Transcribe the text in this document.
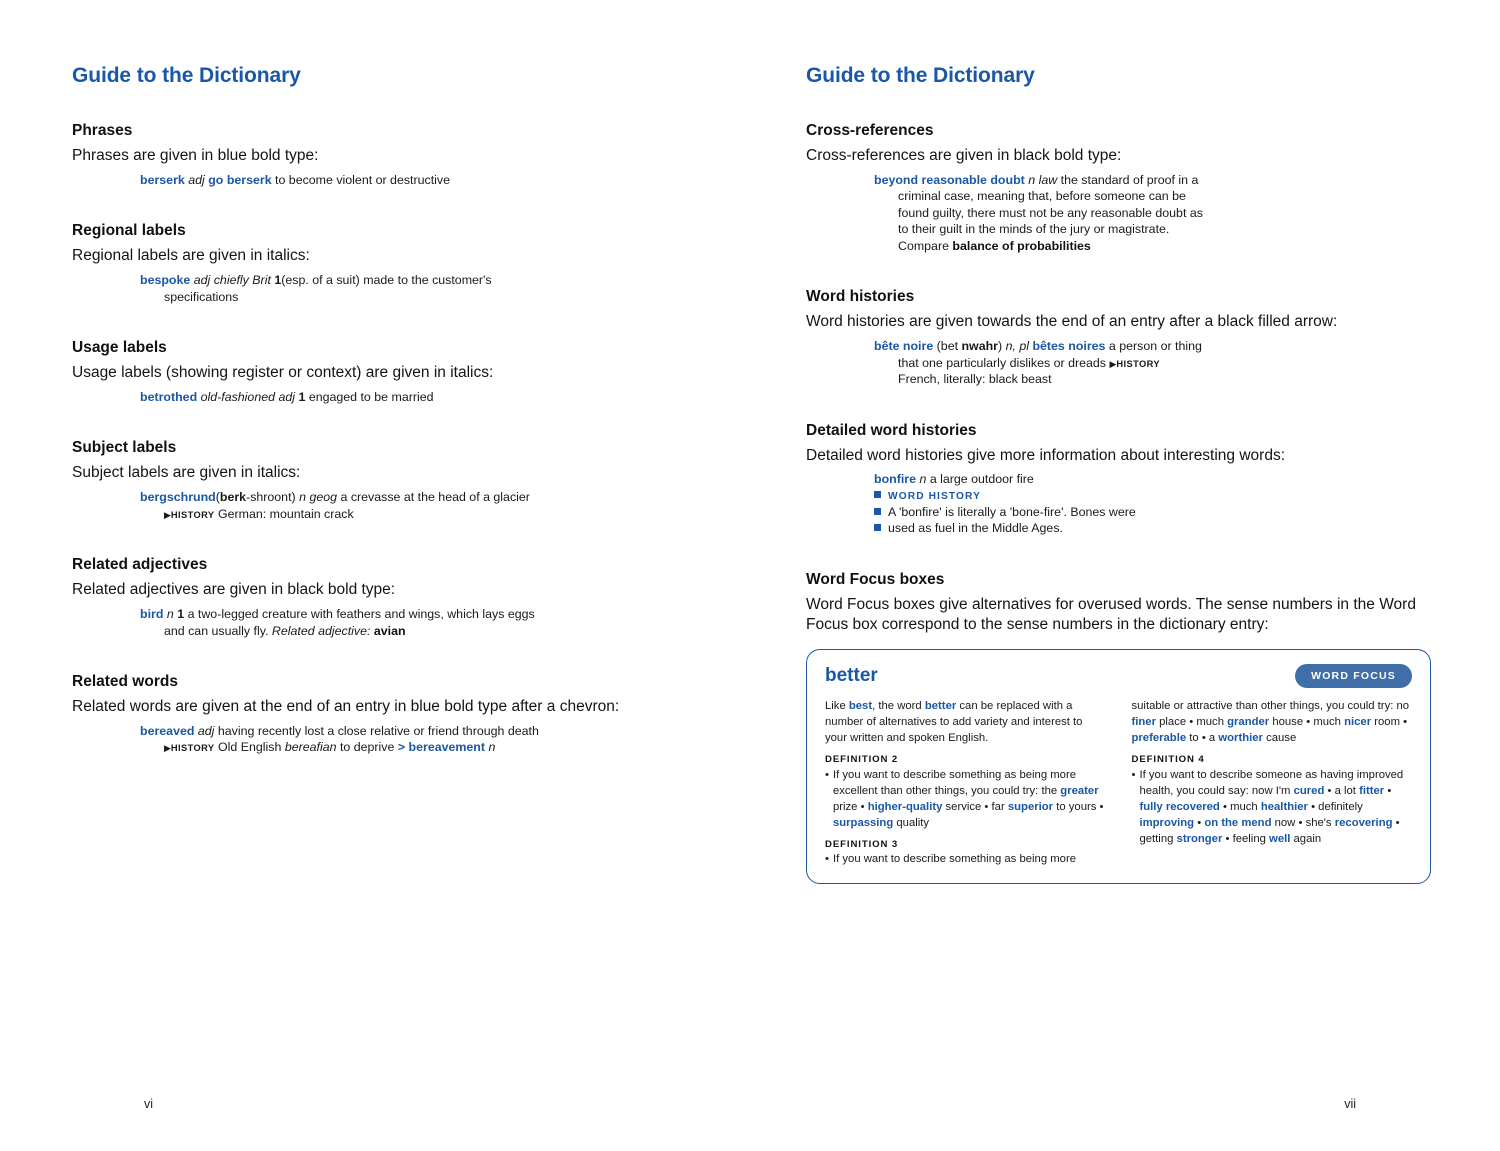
Guide to the Dictionary
Phrases

Phrases are given in blue bold type:

berserk adj go berserk to become violent or destructive
Regional labels

Regional labels are given in italics:

bespoke adj chiefly Brit 1(esp. of a suit) made to the customer's specifications
Usage labels

Usage labels (showing register or context) are given in italics:

betrothed old-fashioned adj 1 engaged to be married
Subject labels

Subject labels are given in italics:

bergschrund(berk-shroont) n geog a crevasse at the head of a glacier ▶HISTORY German: mountain crack
Related adjectives

Related adjectives are given in black bold type:

bird n 1 a two-legged creature with feathers and wings, which lays eggs and can usually fly. Related adjective: avian
Related words

Related words are given at the end of an entry in blue bold type after a chevron:

bereaved adj having recently lost a close relative or friend through death ▶HISTORY Old English bereafian to deprive > bereavement n
vi
Guide to the Dictionary
Cross-references

Cross-references are given in black bold type:

beyond reasonable doubt n law the standard of proof in a criminal case, meaning that, before someone can be found guilty, there must not be any reasonable doubt as to their guilt in the minds of the jury or magistrate. Compare balance of probabilities
Word histories

Word histories are given towards the end of an entry after a black filled arrow:

bête noire (bet nwahr) n, pl bêtes noires a person or thing that one particularly dislikes or dreads ▶HISTORY French, literally: black beast
Detailed word histories

Detailed word histories give more information about interesting words:

bonfire n a large outdoor fire
WORD HISTORY
A 'bonfire' is literally a 'bone-fire'. Bones were
used as fuel in the Middle Ages.
Word Focus boxes

Word Focus boxes give alternatives for overused words. The sense numbers in the Word Focus box correspond to the sense numbers in the dictionary entry:

better	WORD FOCUS
Like best, the word better can be replaced with a number of alternatives to add variety and interest to your written and spoken English.
DEFINITION 2
• If you want to describe something as being more excellent than other things, you could try: the greater prize • higher-quality service • far superior to yours • surpassing quality
DEFINITION 3
• If you want to describe something as being more
suitable or attractive than other things, you could try: no finer place • much grander house • much nicer room • preferable to • a worthier cause
DEFINITION 4
• If you want to describe someone as having improved health, you could say: now I'm cured • a lot fitter • fully recovered • much healthier • definitely improving • on the mend now • she's recovering • getting stronger • feeling well again
vii
